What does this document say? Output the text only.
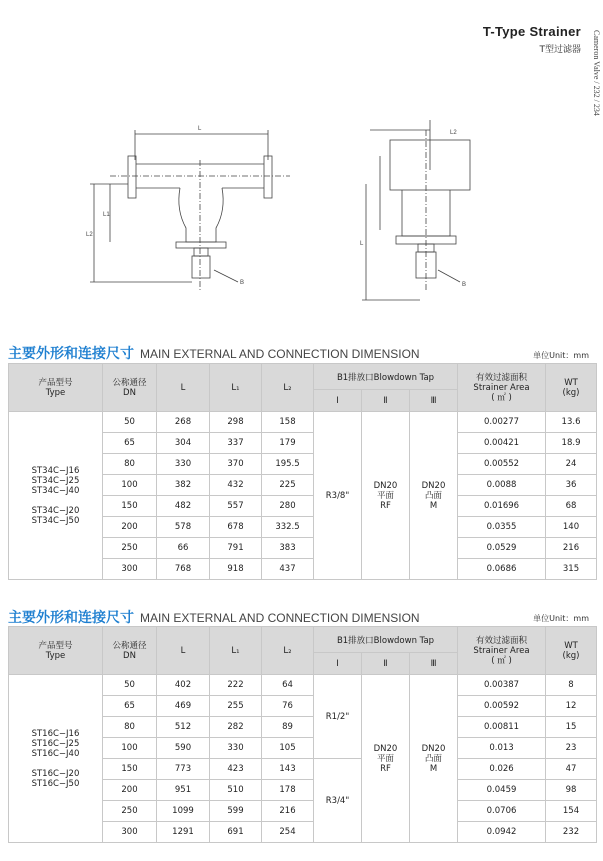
T-Type Strainer
T型过滤器 Cameron Valve / 232 / 234
L
L1
L2
B
L2
L
B
主要外形和连接尺寸 MAIN EXTERNAL AND CONNECTION DIMENSION	单位Unit：mm
产品型号
Type	公称通径
DN	L	L₁	L₂	B1排放口Blowdown Tap			有效过滤面积
Strainer Area
( ㎡ )	WT
(kg)
					Ⅰ	Ⅱ	Ⅲ		
ST34C−J16
ST34C−J25
ST34C−J40

ST34C−J20
ST34C−J50	50	268	298	158	R3/8"	DN20
平面
RF	DN20
凸面
M	0.00277	13.6
	65	304	337	179				0.00421	18.9
	80	330	370	195.5				0.00552	24
	100	382	432	225				0.0088	36
	150	482	557	280				0.01696	68
	200	578	678	332.5				0.0355	140
	250	66	791	383				0.0529	216
	300	768	918	437				0.0686	315
主要外形和连接尺寸 MAIN EXTERNAL AND CONNECTION DIMENSION	单位Unit：mm
产品型号
Type	公称通径
DN	L	L₁	L₂	B1排放口Blowdown Tap			有效过滤面积
Strainer Area
( ㎡ )	WT
(kg)
					Ⅰ	Ⅱ	Ⅲ		
ST16C−J16
ST16C−J25
ST16C−J40

ST16C−J20
ST16C−J50	50	402	222	64	R1/2"	DN20
平面
RF	DN20
凸面
M	0.00387	8
	65	469	255	76				0.00592	12
	80	512	282	89				0.00811	15
	100	590	330	105				0.013	23
	150	773	423	143	R3/4"			0.026	47
	200	951	510	178				0.0459	98
	250	1099	599	216				0.0706	154
	300	1291	691	254				0.0942	232
